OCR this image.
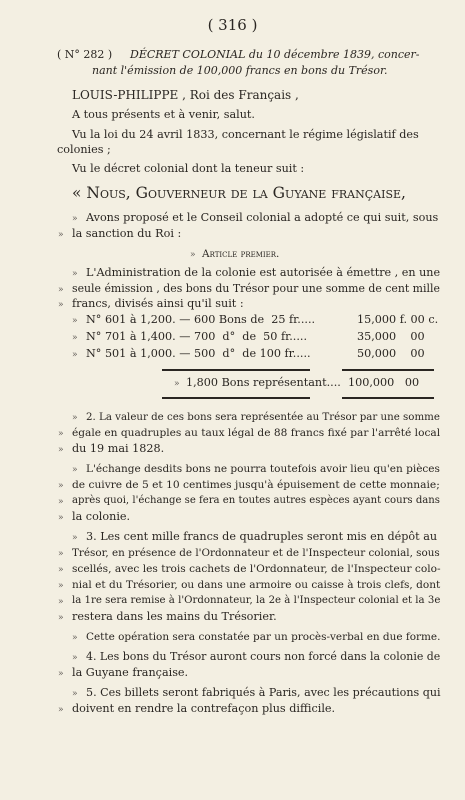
( 316 )
( N° 282 ) DÉCRET COLONIAL du 10 décembre 1839, concer-
nant l'émission de 100,000 francs en bons du Trésor.
LOUIS-PHILIPPE , Roi des Français ,
A tous présents et à venir, salut.
Vu la loi du 24 avril 1833, concernant le régime législatif des
colonies ;
Vu le décret colonial dont la teneur suit :
« Nous, Gouverneur de la Guyane française,
» Avons proposé et le Conseil colonial a adopté ce qui suit, sous
» la sanction du Roi :
» Article premier.
» L'Administration de la colonie est autorisée à émettre , en une
» seule émission , des bons du Trésor pour une somme de cent mille
» francs, divisés ainsi qu'il suit :
» N° 601 à 1,200. — 600 Bons de  25 fr.....	15,000 f. 00 c.
» N° 701 à 1,400. — 700  d°  de  50 fr.....	35,000    00
» N° 501 à 1,000. — 500  d°  de 100 fr.....	50,000    00
» 1,800 Bons représentant.... 100,000   00
» 2. La valeur de ces bons sera représentée au Trésor par une somme
» égale en quadruples au taux légal de 88 francs fixé par l'arrêté local
» du 19 mai 1828.
» L'échange desdits bons ne pourra toutefois avoir lieu qu'en pièces
» de cuivre de 5 et 10 centimes jusqu'à épuisement de cette monnaie;
» après quoi, l'échange se fera en toutes autres espèces ayant cours dans
» la colonie.
» 3. Les cent mille francs de quadruples seront mis en dépôt au
» Trésor, en présence de l'Ordonnateur et de l'Inspecteur colonial, sous
» scellés, avec les trois cachets de l'Ordonnateur, de l'Inspecteur colo-
» nial et du Trésorier, ou dans une armoire ou caisse à trois clefs, dont
» la 1re sera remise à l'Ordonnateur, la 2e à l'Inspecteur colonial et la 3e
» restera dans les mains du Trésorier.
» Cette opération sera constatée par un procès-verbal en due forme.
» 4. Les bons du Trésor auront cours non forcé dans la colonie de
» la Guyane française.
» 5. Ces billets seront fabriqués à Paris, avec les précautions qui
» doivent en rendre la contrefaçon plus difficile.
